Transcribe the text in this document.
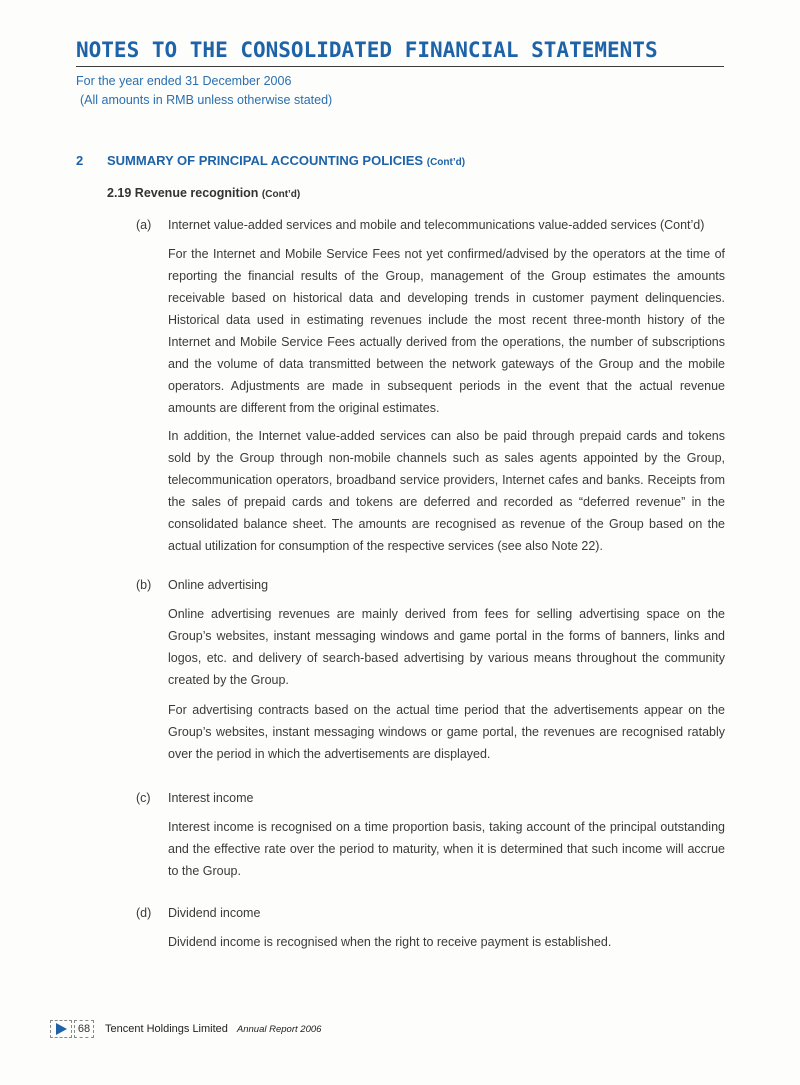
NOTES TO THE CONSOLIDATED FINANCIAL STATEMENTS
For the year ended 31 December 2006
(All amounts in RMB unless otherwise stated)
2 SUMMARY OF PRINCIPAL ACCOUNTING POLICIES (Cont’d)
2.19 Revenue recognition (Cont’d)
(a) Internet value-added services and mobile and telecommunications value-added services (Cont’d)

For the Internet and Mobile Service Fees not yet confirmed/advised by the operators at the time of reporting the financial results of the Group, management of the Group estimates the amounts receivable based on historical data and developing trends in customer payment delinquencies. Historical data used in estimating revenues include the most recent three-month history of the Internet and Mobile Service Fees actually derived from the operations, the number of subscriptions and the volume of data transmitted between the network gateways of the Group and the mobile operators. Adjustments are made in subsequent periods in the event that the actual revenue amounts are different from the original estimates.

In addition, the Internet value-added services can also be paid through prepaid cards and tokens sold by the Group through non-mobile channels such as sales agents appointed by the Group, telecommunication operators, broadband service providers, Internet cafes and banks. Receipts from the sales of prepaid cards and tokens are deferred and recorded as “deferred revenue” in the consolidated balance sheet. The amounts are recognised as revenue of the Group based on the actual utilization for consumption of the respective services (see also Note 22).

(b) Online advertising

Online advertising revenues are mainly derived from fees for selling advertising space on the Group’s websites, instant messaging windows and game portal in the forms of banners, links and logos, etc. and delivery of search-based advertising by various means throughout the community created by the Group.

For advertising contracts based on the actual time period that the advertisements appear on the Group’s websites, instant messaging windows or game portal, the revenues are recognised ratably over the period in which the advertisements are displayed.

(c) Interest income

Interest income is recognised on a time proportion basis, taking account of the principal outstanding and the effective rate over the period to maturity, when it is determined that such income will accrue to the Group.

(d) Dividend income

Dividend income is recognised when the right to receive payment is established.

68	Tencent Holdings Limited Annual Report 2006
